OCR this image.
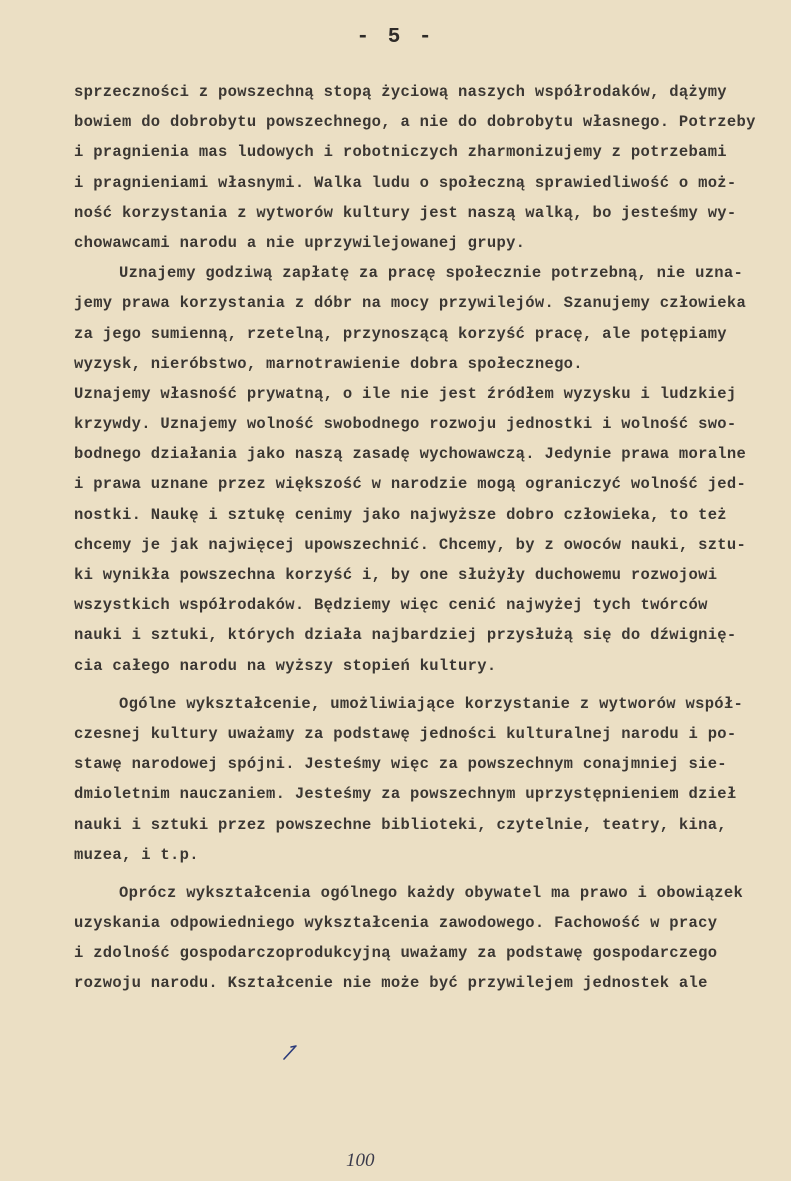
- 5 -
sprzeczności z powszechną stopą życiową naszych współrodaków, dążymy
bowiem do dobrobytu powszechnego, a nie do dobrobytu własnego. Potrzeby
i pragnienia mas ludowych i robotniczych zharmonizujemy z potrzebami
i pragnieniami własnymi. Walka ludu o społeczną sprawiedliwość o moż-
ność korzystania z wytworów kultury jest naszą walką, bo jesteśmy wy-
chowawcami narodu a nie uprzywilejowanej grupy.
Uznajemy godziwą zapłatę za pracę społecznie potrzebną, nie uzna-
jemy prawa korzystania z dóbr na mocy przywilejów. Szanujemy człowieka
za jego sumienną, rzetelną, przynoszącą korzyść pracę, ale potępiamy
wyzysk, nieróbstwo, marnotrawienie dobra społecznego.
Uznajemy własność prywatną, o ile nie jest źródłem wyzysku i ludzkiej
krzywdy. Uznajemy wolność swobodnego rozwoju jednostki i wolność swo-
bodnego działania jako naszą zasadę wychowawczą. Jedynie prawa moralne
i prawa uznane przez większość w narodzie mogą ograniczyć wolność jed-
nostki. Naukę i sztukę cenimy jako najwyższe dobro człowieka, to też
chcemy je jak najwięcej upowszechnić. Chcemy, by z owoców nauki, sztu-
ki wynikła powszechna korzyść i, by one służyły duchowemu rozwojowi
wszystkich współrodaków. Będziemy więc cenić najwyżej tych twórców
nauki i sztuki, których działa najbardziej przysłużą się do dźwignię-
cia całego narodu na wyższy stopień kultury.
Ogólne wykształcenie, umożliwiające korzystanie z wytworów współ-
czesnej kultury uważamy za podstawę jedności kulturalnej narodu i po-
stawę narodowej spójni. Jesteśmy więc za powszechnym conajmniej sie-
dmioletnim nauczaniem. Jesteśmy za powszechnym uprzystępnieniem dzieł
nauki i sztuki przez powszechne biblioteki, czytelnie, teatry, kina,
muzea, i t.p.
Oprócz wykształcenia ogólnego każdy obywatel ma prawo i obowiązek
uzyskania odpowiedniego wykształcenia zawodowego. Fachowość w pracy
i zdolność gospodarczoprodukcyjną uważamy za podstawę gospodarczego
rozwoju narodu. Kształcenie nie może być przywilejem jednostek ale
100
